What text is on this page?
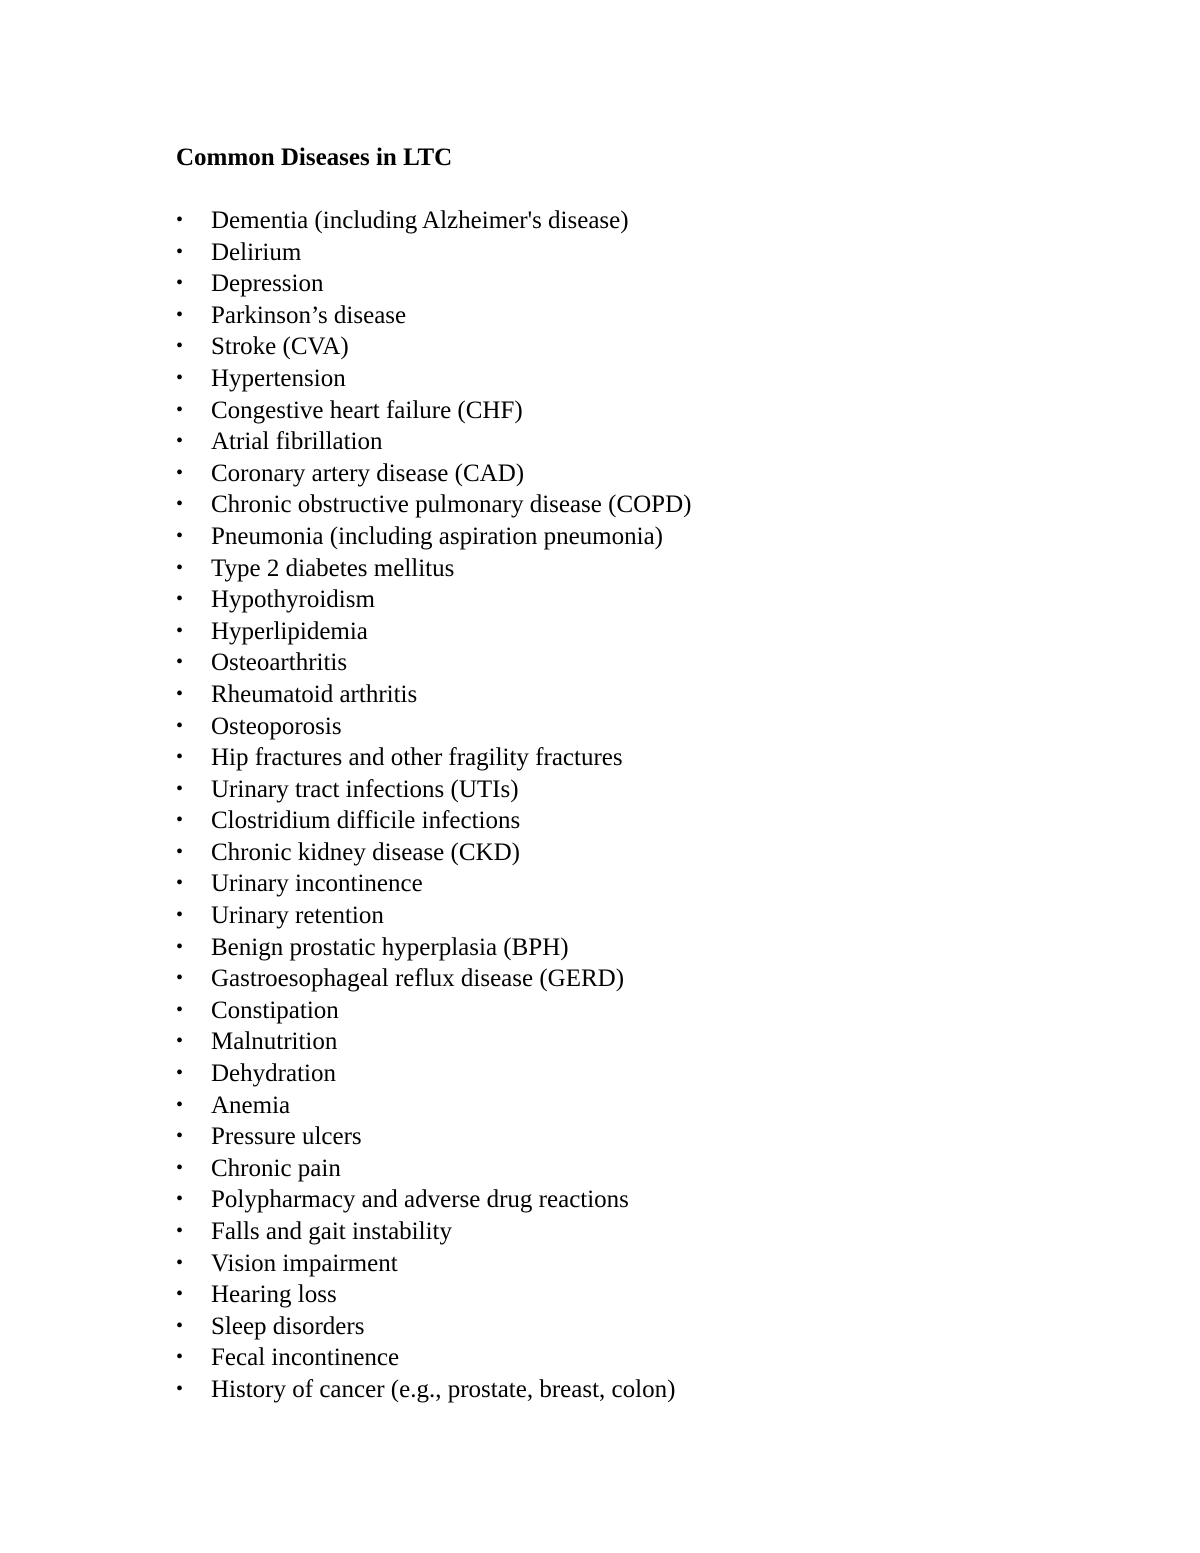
Common Diseases in LTC
• Dementia (including Alzheimer's disease)
• Delirium
• Depression
• Parkinson’s disease
• Stroke (CVA)
• Hypertension
• Congestive heart failure (CHF)
• Atrial fibrillation
• Coronary artery disease (CAD)
• Chronic obstructive pulmonary disease (COPD)
• Pneumonia (including aspiration pneumonia)
• Type 2 diabetes mellitus
• Hypothyroidism
• Hyperlipidemia
• Osteoarthritis
• Rheumatoid arthritis
• Osteoporosis
• Hip fractures and other fragility fractures
• Urinary tract infections (UTIs)
• Clostridium difficile infections
• Chronic kidney disease (CKD)
• Urinary incontinence
• Urinary retention
• Benign prostatic hyperplasia (BPH)
• Gastroesophageal reflux disease (GERD)
• Constipation
• Malnutrition
• Dehydration
• Anemia
• Pressure ulcers
• Chronic pain
• Polypharmacy and adverse drug reactions
• Falls and gait instability
• Vision impairment
• Hearing loss
• Sleep disorders
• Fecal incontinence
• History of cancer (e.g., prostate, breast, colon)
